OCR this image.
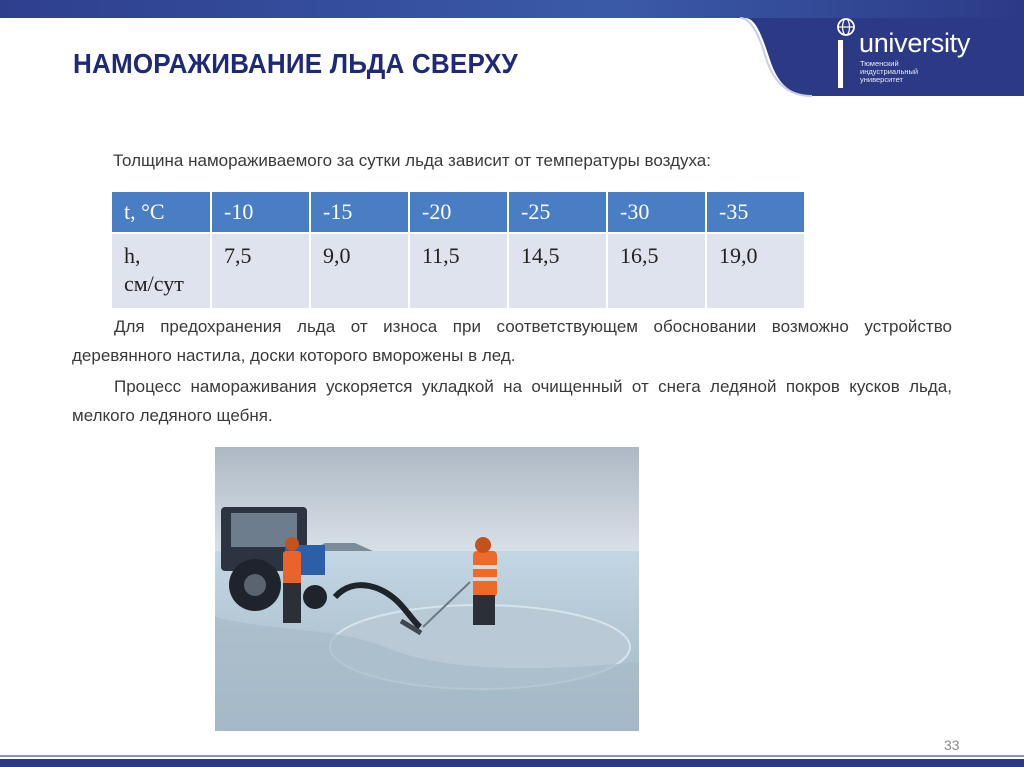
НАМОРАЖИВАНИЕ ЛЬДА СВЕРХУ
university
Тюменский
индустриальный
университет

Толщина намораживаемого за сутки льда зависит от температуры воздуха:

t, °C	-10	-15	-20	-25	-30	-35
h,
см/сут	7,5	9,0	11,5	14,5	16,5	19,0

Для предохранения льда от износа при соответствующем обосновании возможно устройство деревянного настила, доски которого вморожены в лед.

Процесс намораживания ускоряется укладкой на очищенный от снега ледяной покров кусков льда, мелкого ледяного щебня.

33
